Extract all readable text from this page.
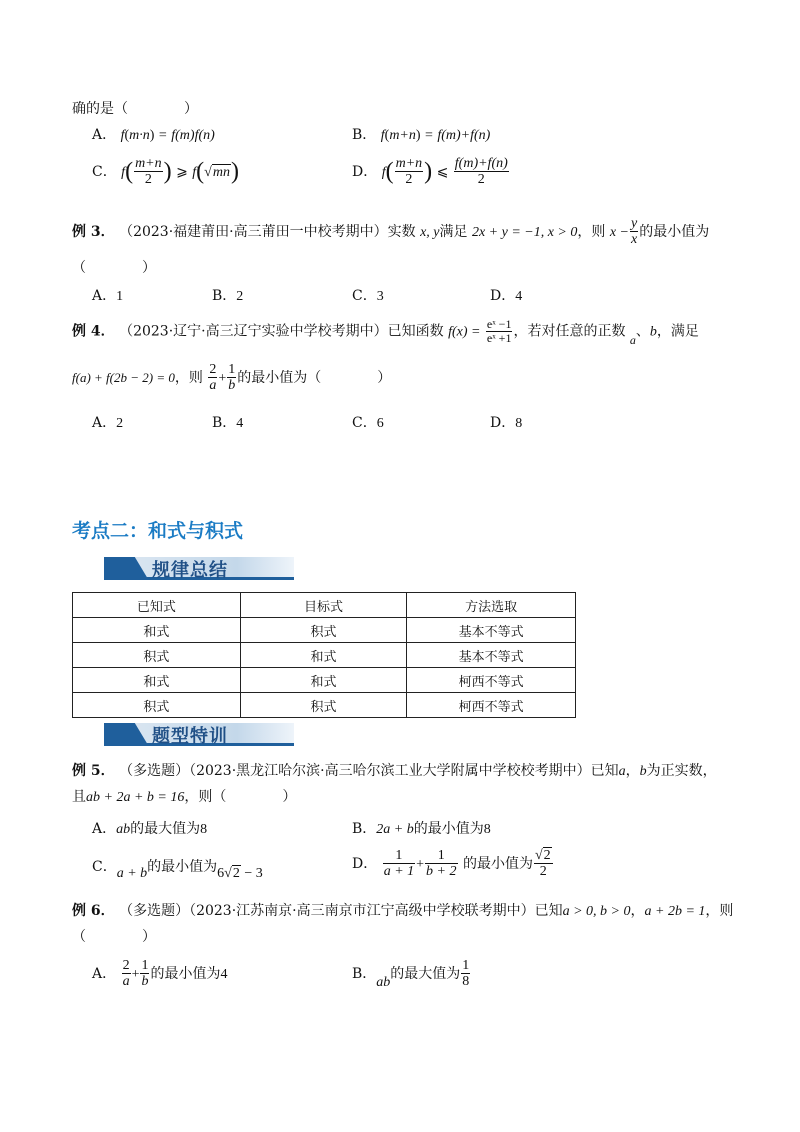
确的是（	）
A． f(m·n) = f(m)f(n)	B． f(m+n) = f(m)+f(n)
C． $f( \frac{m+n}{2}$ ) ⩾ f(√mn)	D． $f( \frac{m+n}{2}$ ) ⩽ $\frac{f(m)+f(n)}{2}$
例 3． （2023·福建莆田·高三莆田一中校考期中）实数 x, y满足 2x + y = −1, x > 0，则 $x - \frac{y}{x}$ 的最小值为
（　　　　）
A．1	B．2	C．3	D．4
例 4． （2023·辽宁·高三辽宁实验中学校考期中）已知函数 $f(x) = \frac{\text{eˣ −1}}{\text{eˣ +1}}$ ，若对任意的正数 a、b，满足
f(a) + f(2b − 2) = 0，则 $\frac{2}{a} + \frac{1}{b}$ 的最小值为（　　　　）
A．2	B．4	C．6	D．8
考点二：和式与积式
规律总结
已知式	目标式	方法选取
和式	积式	基本不等式
积式	和式	基本不等式
和式	和式	柯西不等式
积式	积式	柯西不等式
题型特训
例 5． （多选题）（2023·黑龙江哈尔滨·高三哈尔滨工业大学附属中学校校考期中）已知a，b为正实数，
且ab + 2a + b = 16，则（　　　　）
A．ab的最大值为8	B．2a + b的最小值为8
C．a + b的最小值为6√2 − 3
D． $\frac{1}{a + 1} + \frac{1}{b + 2}$ 的最小值为 $\frac{√2}{2}$
例 6． （多选题）（2023·江苏南京·高三南京市江宁高级中学校联考期中）已知a > 0, b > 0，a + 2b = 1，则
（　　　　）
A． $\frac{2}{a} + \frac{1}{b}$ 的最小值为4	B．ab的最大值为 $\frac{1}{8}$
